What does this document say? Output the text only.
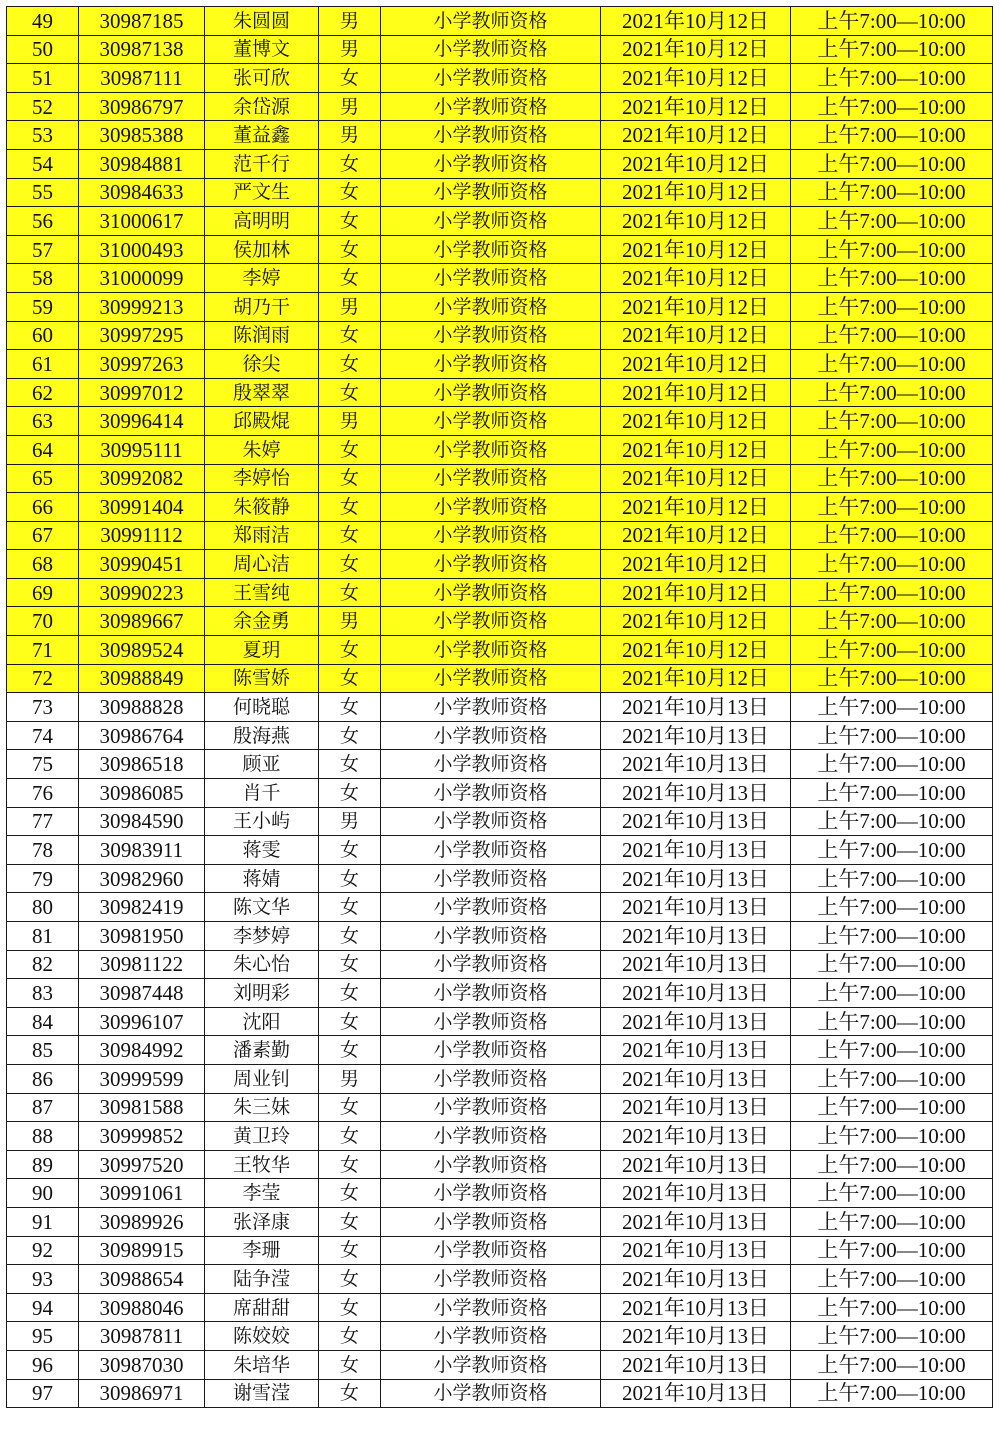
49	30987185	朱圆圆	男	小学教师资格	2021年10月12日	上午7:00—10:00
50	30987138	董博文	男	小学教师资格	2021年10月12日	上午7:00—10:00
51	30987111	张可欣	女	小学教师资格	2021年10月12日	上午7:00—10:00
52	30986797	余岱源	男	小学教师资格	2021年10月12日	上午7:00—10:00
53	30985388	董益鑫	男	小学教师资格	2021年10月12日	上午7:00—10:00
54	30984881	范千行	女	小学教师资格	2021年10月12日	上午7:00—10:00
55	30984633	严文生	女	小学教师资格	2021年10月12日	上午7:00—10:00
56	31000617	高明明	女	小学教师资格	2021年10月12日	上午7:00—10:00
57	31000493	侯加林	女	小学教师资格	2021年10月12日	上午7:00—10:00
58	31000099	李婷	女	小学教师资格	2021年10月12日	上午7:00—10:00
59	30999213	胡乃干	男	小学教师资格	2021年10月12日	上午7:00—10:00
60	30997295	陈润雨	女	小学教师资格	2021年10月12日	上午7:00—10:00
61	30997263	徐尖	女	小学教师资格	2021年10月12日	上午7:00—10:00
62	30997012	殷翠翠	女	小学教师资格	2021年10月12日	上午7:00—10:00
63	30996414	邱殿焜	男	小学教师资格	2021年10月12日	上午7:00—10:00
64	30995111	朱婷	女	小学教师资格	2021年10月12日	上午7:00—10:00
65	30992082	李婷怡	女	小学教师资格	2021年10月12日	上午7:00—10:00
66	30991404	朱筱静	女	小学教师资格	2021年10月12日	上午7:00—10:00
67	30991112	郑雨洁	女	小学教师资格	2021年10月12日	上午7:00—10:00
68	30990451	周心洁	女	小学教师资格	2021年10月12日	上午7:00—10:00
69	30990223	王雪纯	女	小学教师资格	2021年10月12日	上午7:00—10:00
70	30989667	余金勇	男	小学教师资格	2021年10月12日	上午7:00—10:00
71	30989524	夏玥	女	小学教师资格	2021年10月12日	上午7:00—10:00
72	30988849	陈雪娇	女	小学教师资格	2021年10月12日	上午7:00—10:00
73	30988828	何晓聪	女	小学教师资格	2021年10月13日	上午7:00—10:00
74	30986764	殷海燕	女	小学教师资格	2021年10月13日	上午7:00—10:00
75	30986518	顾亚	女	小学教师资格	2021年10月13日	上午7:00—10:00
76	30986085	肖千	女	小学教师资格	2021年10月13日	上午7:00—10:00
77	30984590	王小屿	男	小学教师资格	2021年10月13日	上午7:00—10:00
78	30983911	蒋雯	女	小学教师资格	2021年10月13日	上午7:00—10:00
79	30982960	蒋婧	女	小学教师资格	2021年10月13日	上午7:00—10:00
80	30982419	陈文华	女	小学教师资格	2021年10月13日	上午7:00—10:00
81	30981950	李梦婷	女	小学教师资格	2021年10月13日	上午7:00—10:00
82	30981122	朱心怡	女	小学教师资格	2021年10月13日	上午7:00—10:00
83	30987448	刘明彩	女	小学教师资格	2021年10月13日	上午7:00—10:00
84	30996107	沈阳	女	小学教师资格	2021年10月13日	上午7:00—10:00
85	30984992	潘素勤	女	小学教师资格	2021年10月13日	上午7:00—10:00
86	30999599	周业钊	男	小学教师资格	2021年10月13日	上午7:00—10:00
87	30981588	朱三妹	女	小学教师资格	2021年10月13日	上午7:00—10:00
88	30999852	黄卫玲	女	小学教师资格	2021年10月13日	上午7:00—10:00
89	30997520	王牧华	女	小学教师资格	2021年10月13日	上午7:00—10:00
90	30991061	李莹	女	小学教师资格	2021年10月13日	上午7:00—10:00
91	30989926	张泽康	女	小学教师资格	2021年10月13日	上午7:00—10:00
92	30989915	李珊	女	小学教师资格	2021年10月13日	上午7:00—10:00
93	30988654	陆争滢	女	小学教师资格	2021年10月13日	上午7:00—10:00
94	30988046	席甜甜	女	小学教师资格	2021年10月13日	上午7:00—10:00
95	30987811	陈姣姣	女	小学教师资格	2021年10月13日	上午7:00—10:00
96	30987030	朱培华	女	小学教师资格	2021年10月13日	上午7:00—10:00
97	30986971	谢雪滢	女	小学教师资格	2021年10月13日	上午7:00—10:00
